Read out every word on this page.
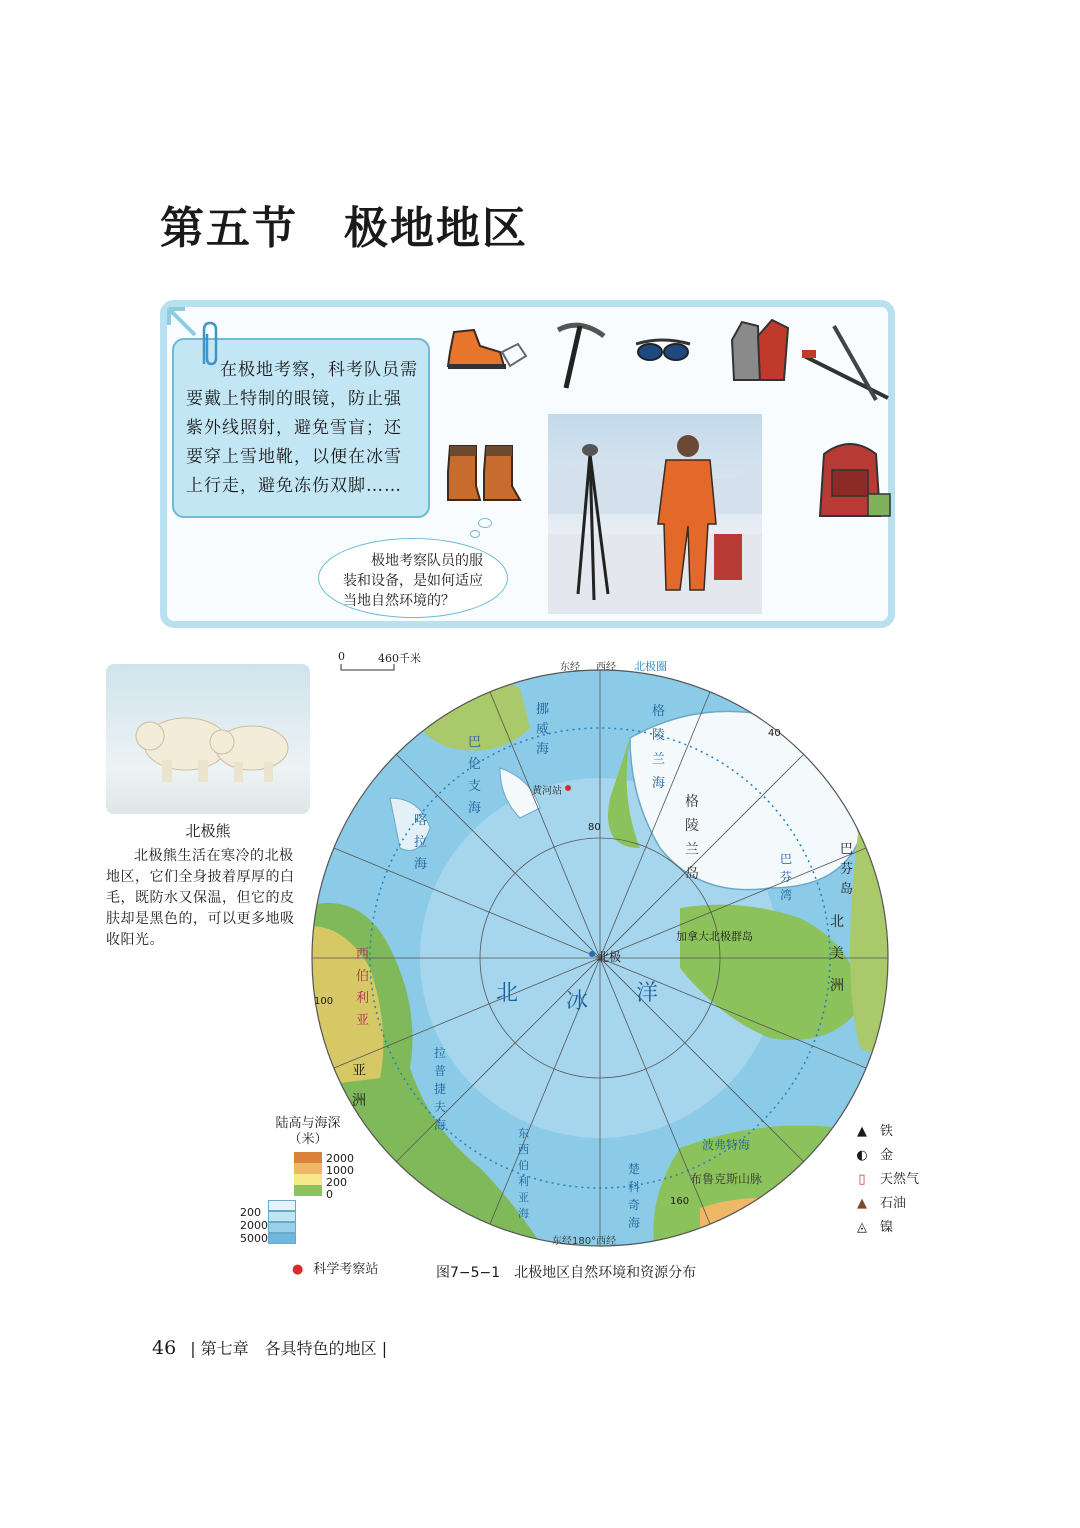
第五节　极地地区
在极地考察，科考队员需要戴上特制的眼镜，防止强紫外线照射，避免雪盲；还要穿上雪地靴，以便在冰雪上行走，避免冻伤双脚……
极地考察队员的服装和设备，是如何适应当地自然环境的？
北极熊
北极熊生活在寒冷的北极地区，它们全身披着厚厚的白毛，既防水又保温，但它的皮肤却是黑色的，可以更多地吸收阳光。
0	460千米
北极
北 冰 洋
格陵兰岛
东经 西经 北极圈
黄河站
挪威海
格陵兰海
巴伦支海
喀拉海
拉普捷夫海
东西伯利亚海
楚科奇海
波弗特海
巴芬湾
巴芬岛
西伯利亚
亚洲
北美洲
加拿大北极群岛
布鲁克斯山脉
东经180°西经
80
100
40
160
陆高与海深（米）
2000
1000
200
0
200
2000
5000
▲ 铁
◐ 金
▯ 天然气
▲ 石油
◬ 镍
● 科学考察站	图7−5−1　北极地区自然环境和资源分布
46 | 第七章　各具特色的地区 |
